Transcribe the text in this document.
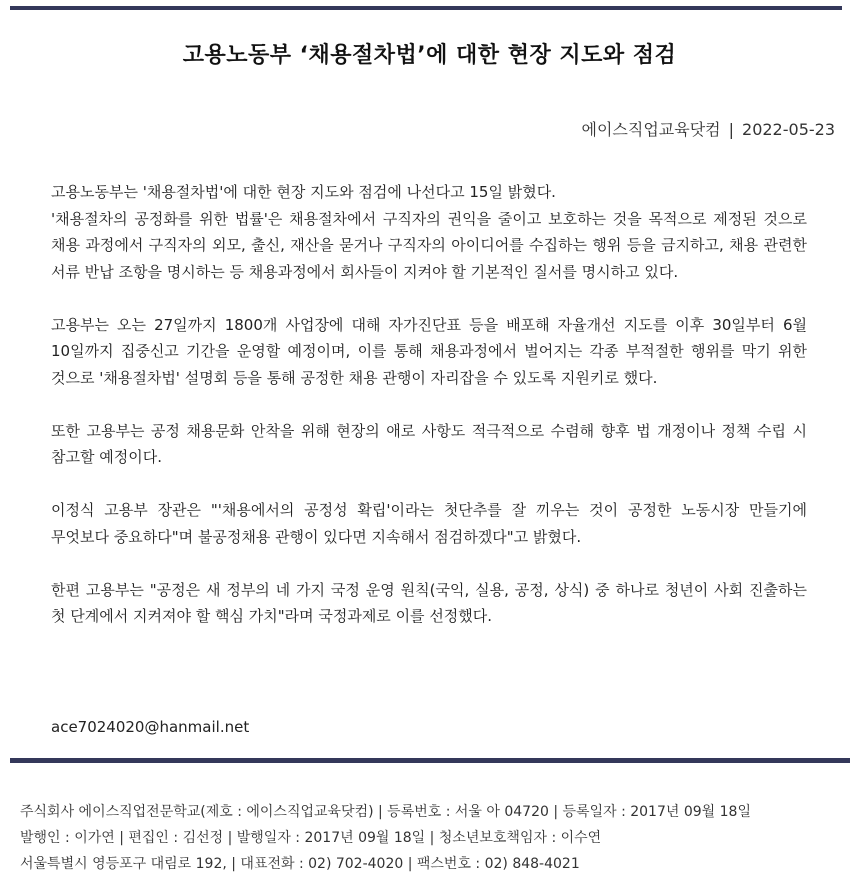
고용노동부 ‘채용절차법’에 대한 현장 지도와 점검
에이스직업교육닷컴 | 2022-05-23

고용노동부는 '채용절차법'에 대한 현장 지도와 점검에 나선다고 15일 밝혔다.
'채용절차의 공정화를 위한 법률'은 채용절차에서 구직자의 권익을 줄이고 보호하는 것을 목적으로 제정된 것으로 채용 과정에서 구직자의 외모, 출신, 재산을 묻거나 구직자의 아이디어를 수집하는 행위 등을 금지하고, 채용 관련한 서류 반납 조항을 명시하는 등 채용과정에서 회사들이 지켜야 할 기본적인 질서를 명시하고 있다.

고용부는 오는 27일까지 1800개 사업장에 대해 자가진단표 등을 배포해 자율개선 지도를 이후 30일부터 6월 10일까지 집중신고 기간을 운영할 예정이며, 이를 통해 채용과정에서 벌어지는 각종 부적절한 행위를 막기 위한 것으로 '채용절차법' 설명회 등을 통해 공정한 채용 관행이 자리잡을 수 있도록 지원키로 했다.

또한 고용부는 공정 채용문화 안착을 위해 현장의 애로 사항도 적극적으로 수렴해 향후 법 개정이나 정책 수립 시 참고할 예정이다.

이정식 고용부 장관은 "'채용에서의 공정성 확립'이라는 첫단추를 잘 끼우는 것이 공정한 노동시장 만들기에 무엇보다 중요하다"며 불공정채용 관행이 있다면 지속해서 점검하겠다"고 밝혔다.

한편 고용부는 "공정은 새 정부의 네 가지 국정 운영 원칙(국익, 실용, 공정, 상식) 중 하나로 청년이 사회 진출하는 첫 단계에서 지켜져야 할 핵심 가치"라며 국정과제로 이를 선정했다.

ace7024020@hanmail.net
주식회사 에이스직업전문학교(제호 : 에이스직업교육닷컴) | 등록번호 : 서울 아 04720 | 등록일자 : 2017년 09월 18일
발행인 : 이가연 | 편집인 : 김선정 | 발행일자 : 2017년 09월 18일 | 청소년보호책임자 : 이수연
서울특별시 영등포구 대림로 192, | 대표전화 : 02) 702-4020 | 팩스번호 : 02) 848-4021
